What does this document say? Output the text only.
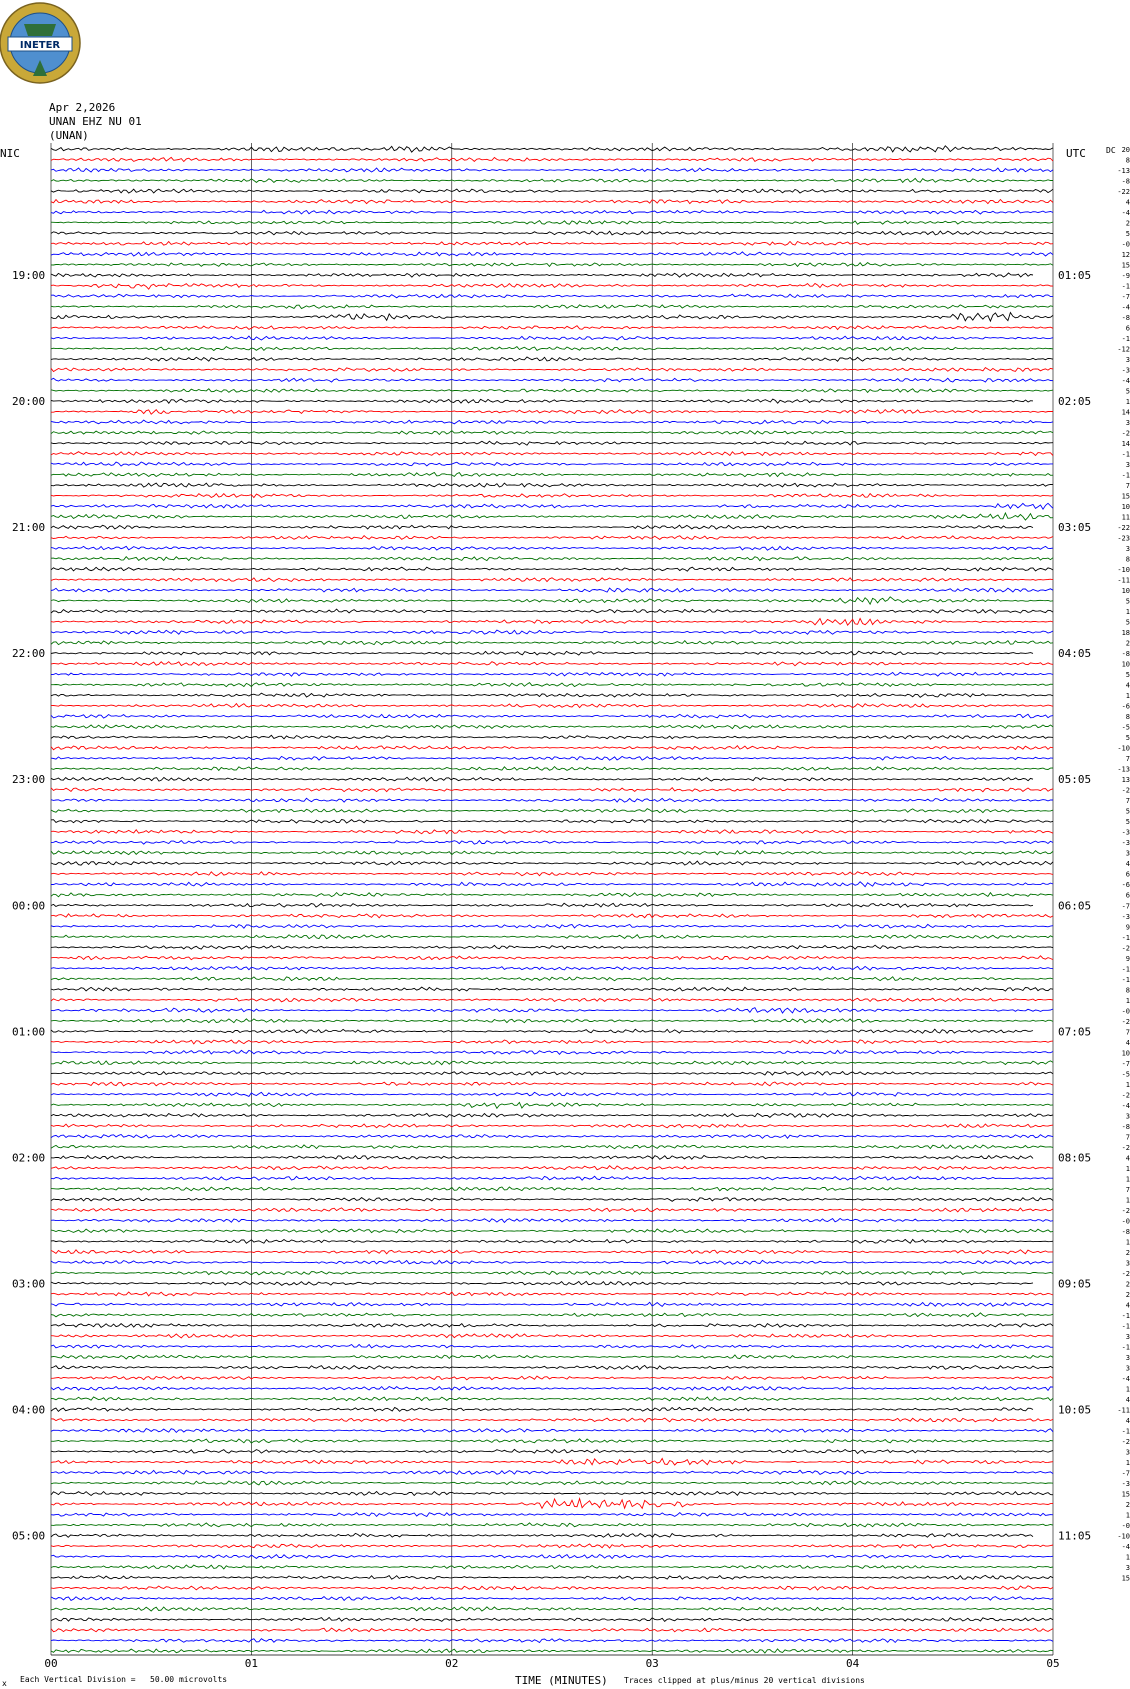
INETER
Apr 2,2026
UNAN EHZ NU 01
(UNAN)
NIC	UTC	DC
19:00
20:00
21:00
22:00
23:00
00:00
01:00
02:00
03:00
04:00
05:00
01:05
02:05
03:05
04:05
05:05
06:05
07:05
08:05
09:05
10:05
11:05
20
8
-13
-8
-22
4
-4
2
5
-0
12
15
-9
-1
-7
-4
-8
6
-1
-12
3
-3
-4
5
1
14
3
-2
14
-1
3
-1
7
15
10
11
-22
-23
3
8
-10
-11
10
5
1
5
18
2
-8
10
5
4
1
-6
8
-5
5
-10
7
-13
13
-2
7
5
5
-3
-3
3
4
6
-6
6
-7
-3
9
-1
-2
9
-1
-1
8
1
-0
-2
7
4
10
-7
-5
1
-2
-4
3
-8
7
-2
4
1
1
7
1
-2
-0
-8
1
2
3
-2
2
2
4
-1
-1
3
-1
3
3
-4
1
4
-11
4
-1
-2
3
1
-7
-3
15
2
1
-0
-10
-4
1
3
15
00	01	02	03	04	05
x Each Vertical Division =   50.00 microvolts	TIME (MINUTES) Traces clipped at plus/minus 20 vertical divisions
